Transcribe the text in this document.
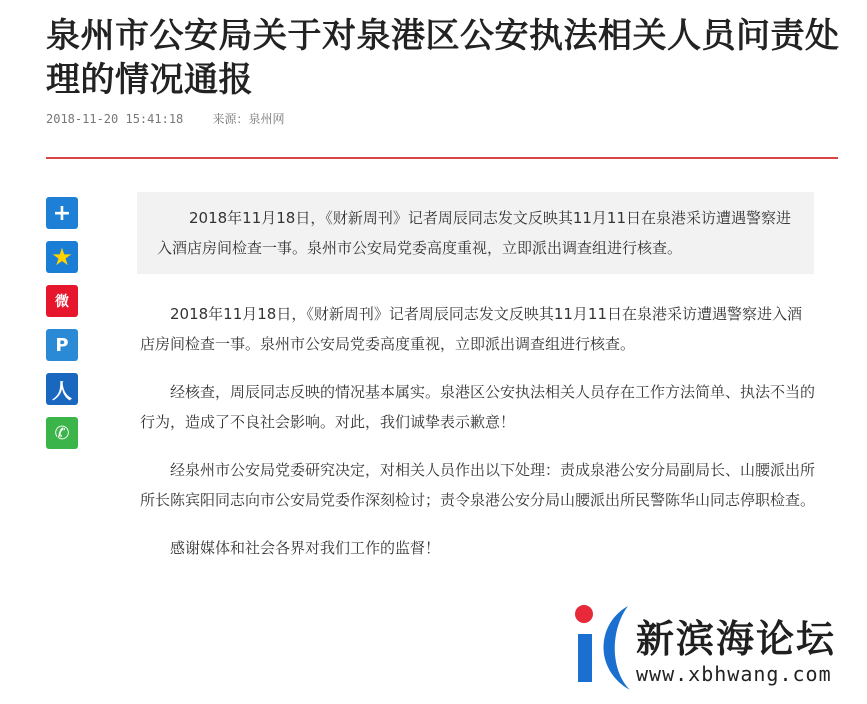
泉州市公安局关于对泉港区公安执法相关人员问责处理的情况通报
2018-11-20 15:41:18 来源：泉州网
+
★
微
P
人
✆
2018年11月18日，《财新周刊》记者周辰同志发文反映其11月11日在泉港采访遭遇警察进入酒店房间检查一事。泉州市公安局党委高度重视，立即派出调查组进行核查。

2018年11月18日，《财新周刊》记者周辰同志发文反映其11月11日在泉港采访遭遇警察进入酒店房间检查一事。泉州市公安局党委高度重视，立即派出调查组进行核查。

经核查，周辰同志反映的情况基本属实。泉港区公安执法相关人员存在工作方法简单、执法不当的行为，造成了不良社会影响。对此，我们诚挚表示歉意！

经泉州市公安局党委研究决定，对相关人员作出以下处理：责成泉港公安分局副局长、山腰派出所所长陈宾阳同志向市公安局党委作深刻检讨；责令泉港公安分局山腰派出所民警陈华山同志停职检查。

感谢媒体和社会各界对我们工作的监督！

新滨海论坛
www.xbhwang.com
